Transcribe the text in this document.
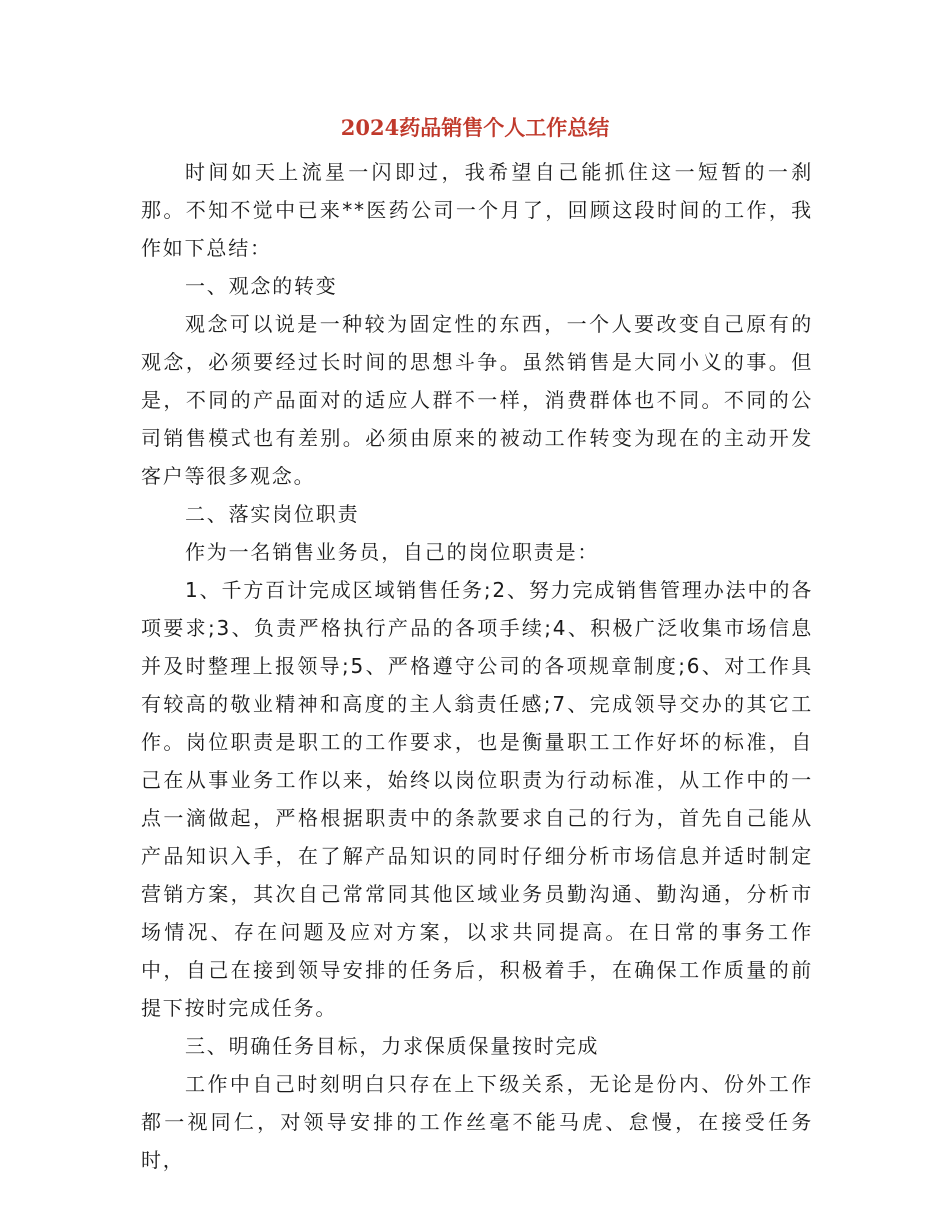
2024药品销售个人工作总结

时间如天上流星一闪即过，我希望自己能抓住这一短暂的一刹那。不知不觉中已来**医药公司一个月了，回顾这段时间的工作，我作如下总结：

一、观念的转变

观念可以说是一种较为固定性的东西，一个人要改变自己原有的观念，必须要经过长时间的思想斗争。虽然销售是大同小义的事。但是，不同的产品面对的适应人群不一样，消费群体也不同。不同的公司销售模式也有差别。必须由原来的被动工作转变为现在的主动开发客户等很多观念。

二、落实岗位职责

作为一名销售业务员，自己的岗位职责是：

1、千方百计完成区域销售任务;2、努力完成销售管理办法中的各项要求;3、负责严格执行产品的各项手续;4、积极广泛收集市场信息并及时整理上报领导;5、严格遵守公司的各项规章制度;6、对工作具有较高的敬业精神和高度的主人翁责任感;7、完成领导交办的其它工作。岗位职责是职工的工作要求，也是衡量职工工作好坏的标准，自己在从事业务工作以来，始终以岗位职责为行动标准，从工作中的一点一滴做起，严格根据职责中的条款要求自己的行为，首先自己能从产品知识入手，在了解产品知识的同时仔细分析市场信息并适时制定营销方案，其次自己常常同其他区域业务员勤沟通、勤沟通，分析市场情况、存在问题及应对方案，以求共同提高。在日常的事务工作中，自己在接到领导安排的任务后，积极着手，在确保工作质量的前提下按时完成任务。

三、明确任务目标，力求保质保量按时完成

工作中自己时刻明白只存在上下级关系，无论是份内、份外工作都一视同仁，对领导安排的工作丝毫不能马虎、怠慢，在接受任务时，
